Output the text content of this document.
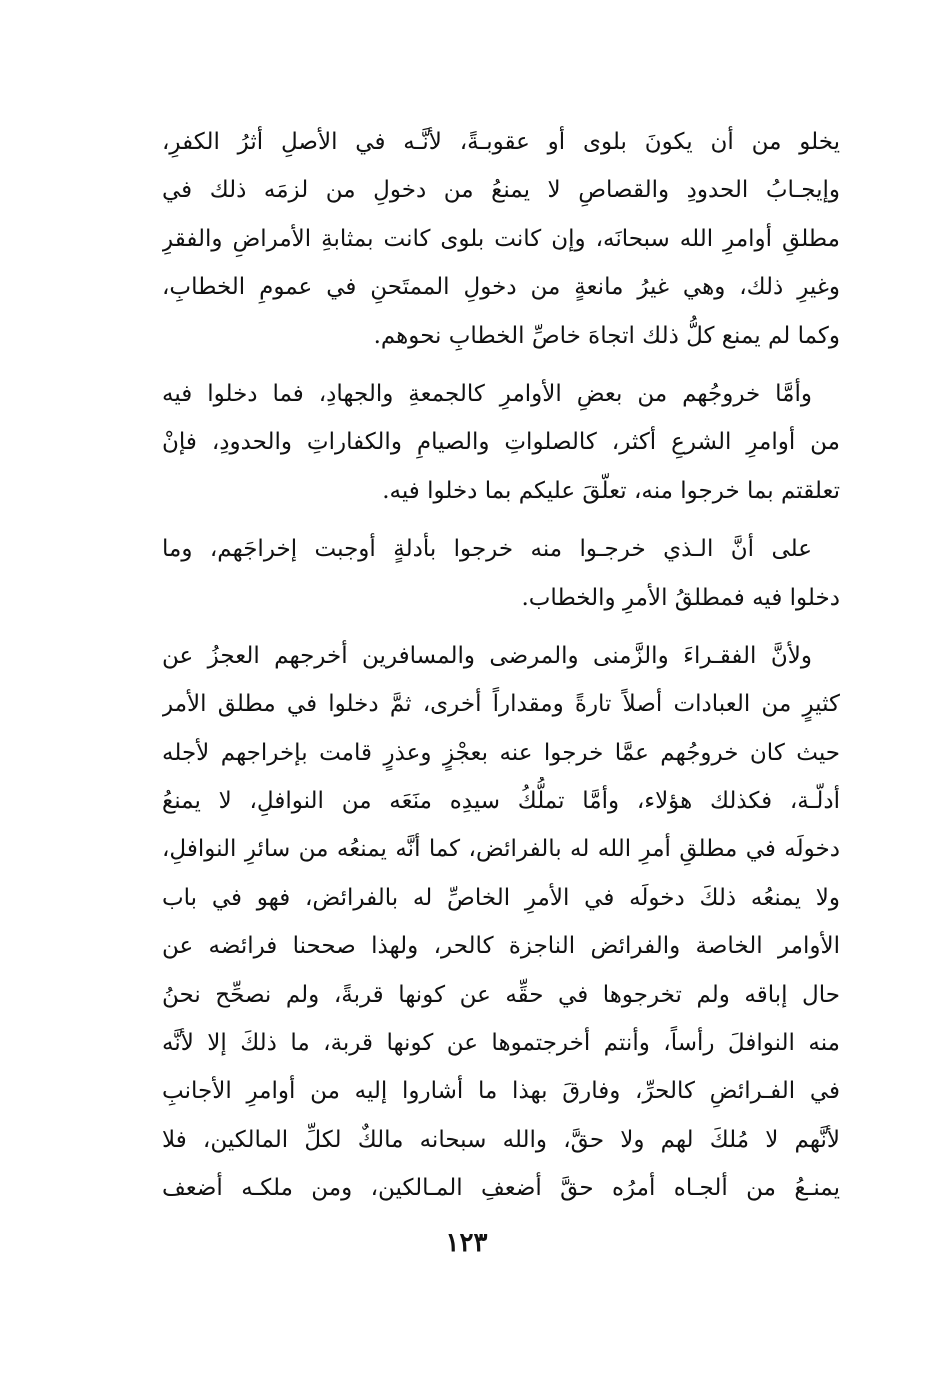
يخلو من أن يكونَ بلوى أو عقوبـةً، لأنَّـه في الأصلِ أثرُ الكفرِ،
وإيجـابُ الحدودِ والقصاصِ لا يمنعُ من دخولِ من لزمَه ذلك في
مطلقِ أوامرِ الله سبحانَه، وإن كانت بلوى كانت بمثابةِ الأمراضِ والفقرِ
وغيرِ ذلك، وهي غيرُ مانعةٍ من دخولِ الممتَحنِ في عمومِ الخطابِ،
وكما لم يمنع كلُّ ذلك اتجاهَ خاصِّ الخطابِ نحوهم.
وأمَّا خروجُهم من بعضِ الأوامرِ كالجمعةِ والجهادِ، فما دخلوا فيه
من أوامرِ الشرعِ أكثر، كالصلواتِ والصيامِ والكفاراتِ والحدودِ، فإنْ
تعلقتم بما خرجوا منه، تعلّقَ عليكم بما دخلوا فيه.
على أنَّ الـذي خرجـوا منه خرجوا بأدلةٍ أوجبت إخراجَهم، وما
دخلوا فيه فمطلقُ الأمرِ والخطاب.
ولأنَّ الفقـراءَ والزَّمنى والمرضى والمسافرين أخرجهم العجزُ عن
كثيرٍ من العبادات أصلاً تارةً ومقداراً أخرى، ثمَّ دخلوا في مطلق الأمر
حيث كان خروجُهم عمَّا خرجوا عنه بعجْزٍ وعذرٍ قامت بإخراجهم لأجله
أدلّـة، فكذلك هؤلاء، وأمَّا تملُّكُ سيدِه منَعَه من النوافلِ، لا يمنعُ
دخولَه في مطلقِ أمرِ الله له بالفرائض، كما أنَّه يمنعُه من سائرِ النوافلِ،
ولا يمنعُه ذلكَ دخولَه في الأمرِ الخاصِّ له بالفرائض، فهو في باب
الأوامر الخاصة والفرائض الناجزة كالحر، ولهذا صححنا فرائضه عن
حال إباقه ولم تخرجوها في حقِّه عن كونها قربةً، ولم نصحِّح نحنُ
منه النوافلَ رأساً، وأنتم أخرجتموها عن كونها قربة، ما ذلكَ إلا لأنَّه
في الفـرائضِ كالحرِّ، وفارقَ بهذا ما أشاروا إليه من أوامرِ الأجانبِ
لأنَّهم لا مُلكَ لهم ولا حقَّ، والله سبحانه مالكٌ لكلِّ المالكين، فلا
يمنـعُ من ألجـاه أمرُه حقَّ أضعفِ المـالكين، ومن ملكـه أضعف
١٢٣
